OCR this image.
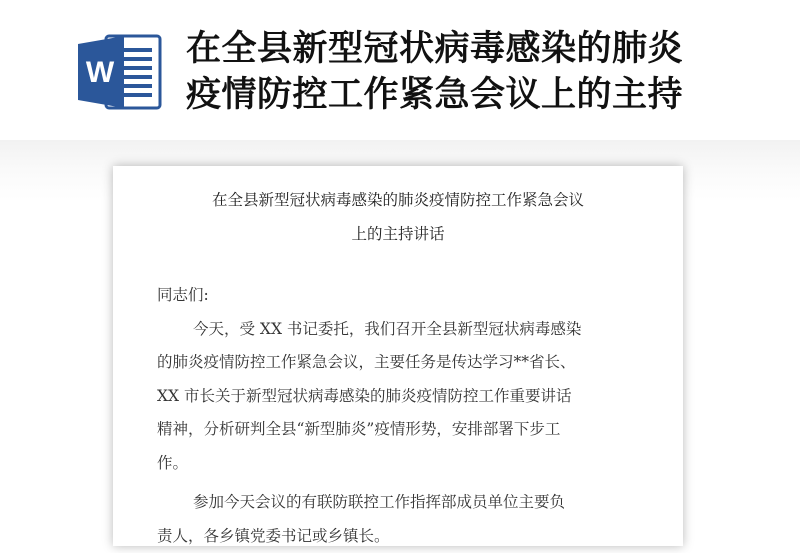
W
在全县新型冠状病毒感染的肺炎
疫情防控工作紧急会议上的主持
在全县新型冠状病毒感染的肺炎疫情防控工作紧急会议
上的主持讲话
同志们:
今天，受 XX 书记委托，我们召开全县新型冠状病毒感染
的肺炎疫情防控工作紧急会议，主要任务是传达学习**省长、
XX 市长关于新型冠状病毒感染的肺炎疫情防控工作重要讲话
精神，分析研判全县“新型肺炎”疫情形势，安排部署下步工
作。
参加今天会议的有联防联控工作指挥部成员单位主要负
责人，各乡镇党委书记或乡镇长。
